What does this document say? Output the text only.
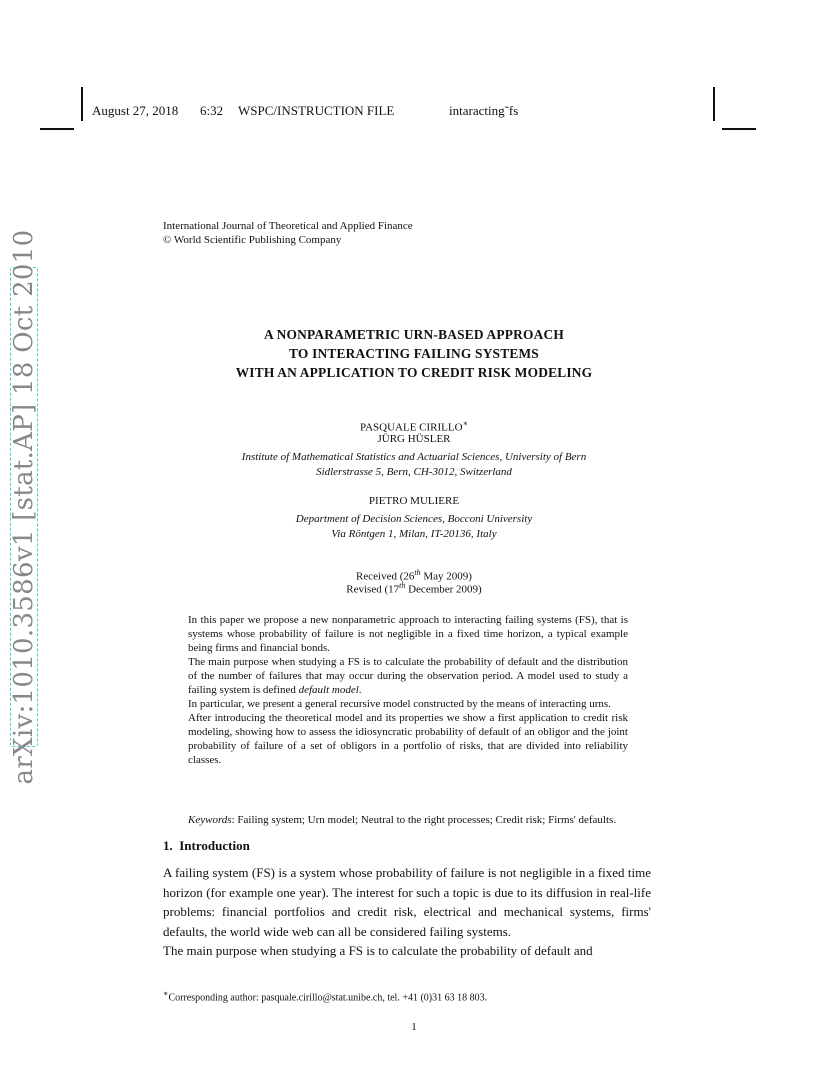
August 27, 2018 6:32 WSPC/INSTRUCTION FILE	intaracting˜fs
arXiv:1010.3586v1 [stat.AP] 18 Oct 2010
International Journal of Theoretical and Applied Finance
© World Scientific Publishing Company
A NONPARAMETRIC URN-BASED APPROACH
TO INTERACTING FAILING SYSTEMS
WITH AN APPLICATION TO CREDIT RISK MODELING
PASQUALE CIRILLO∗
JÜRG HÜSLER
Institute of Mathematical Statistics and Actuarial Sciences, University of Bern
Sidlerstrasse 5, Bern, CH-3012, Switzerland
PIETRO MULIERE
Department of Decision Sciences, Bocconi University
Via Röntgen 1, Milan, IT-20136, Italy
Received (26th May 2009)
Revised (17th December 2009)

In this paper we propose a new nonparametric approach to interacting failing systems (FS), that is systems whose probability of failure is not negligible in a fixed time horizon, a typical example being firms and financial bonds.

The main purpose when studying a FS is to calculate the probability of default and the distribution of the number of failures that may occur during the observation period. A model used to study a failing system is defined default model.

In particular, we present a general recursive model constructed by the means of interacting urns.

After introducing the theoretical model and its properties we show a first application to credit risk modeling, showing how to assess the idiosyncratic probability of default of an obligor and the joint probability of failure of a set of obligors in a portfolio of risks, that are divided into reliability classes.

Keywords: Failing system; Urn model; Neutral to the right processes; Credit risk; Firms' defaults.

1. Introduction

A failing system (FS) is a system whose probability of failure is not negligible in a fixed time horizon (for example one year). The interest for such a topic is due to its diffusion in real-life problems: financial portfolios and credit risk, electrical and mechanical systems, firms' defaults, the world wide web can all be considered failing systems.

The main purpose when studying a FS is to calculate the probability of default and

∗Corresponding author: pasquale.cirillo@stat.unibe.ch, tel. +41 (0)31 63 18 803.
1
